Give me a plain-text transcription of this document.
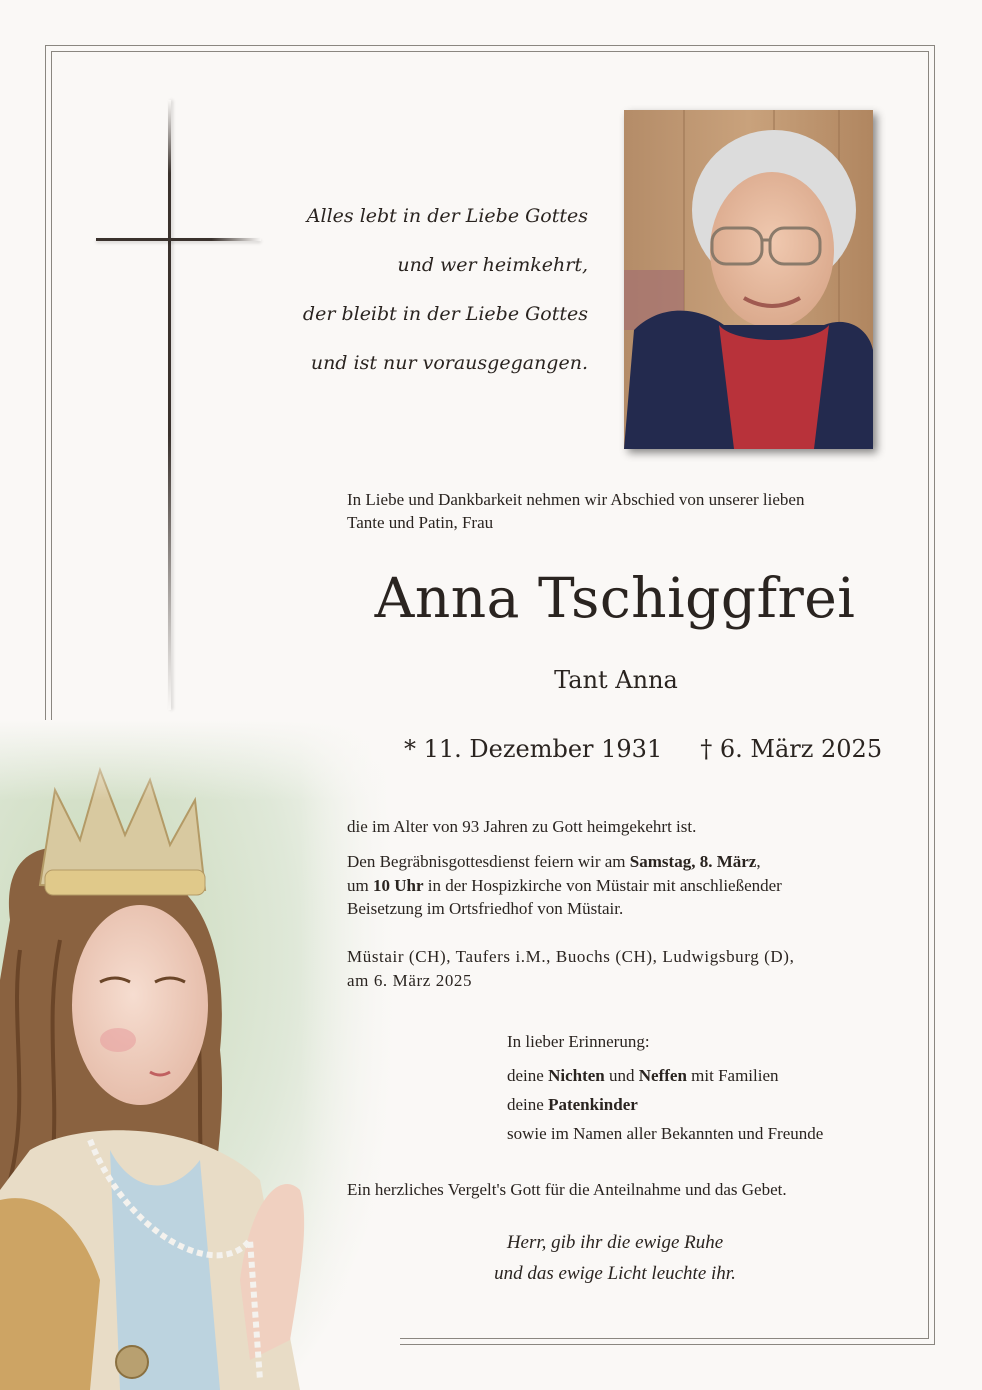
Alles lebt in der Liebe Gottes
und wer heimkehrt,
der bleibt in der Liebe Gottes
und ist nur vorausgegangen.
In Liebe und Dankbarkeit nehmen wir Abschied von unserer lieben
Tante und Patin, Frau
Anna Tschiggfrei
Tant Anna
* 11. Dezember 1931 † 6. März 2025
die im Alter von 93 Jahren zu Gott heimgekehrt ist.
Den Begräbnisgottesdienst feiern wir am Samstag, 8. März,
um 10 Uhr in der Hospizkirche von Müstair mit anschließender
Beisetzung im Ortsfriedhof von Müstair.
Müstair (CH), Taufers i.M., Buochs (CH), Ludwigsburg (D),
am 6. März 2025
In lieber Erinnerung:
deine Nichten und Neffen mit Familien
deine Patenkinder
sowie im Namen aller Bekannten und Freunde
Ein herzliches Vergelt's Gott für die Anteilnahme und das Gebet.
Herr, gib ihr die ewige Ruhe
und das ewige Licht leuchte ihr.
